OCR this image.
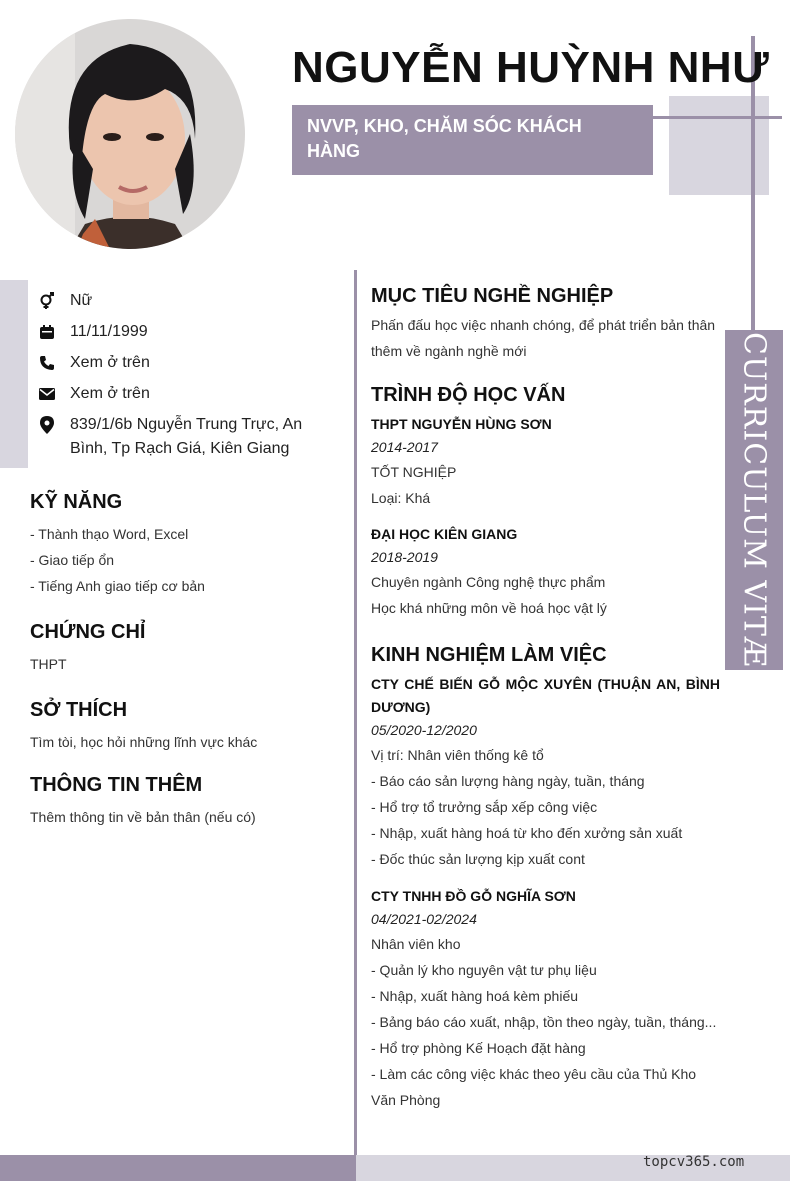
NGUYỄN HUỲNH NHƯ
NVVP, KHO, CHĂM SÓC KHÁCH HÀNG
CURRICULUM VITÆ
Nữ
11/11/1999
Xem ở trên
Xem ở trên
839/1/6b Nguyễn Trung Trực, An Bình, Tp Rạch Giá, Kiên Giang
KỸ NĂNG
- Thành thạo Word, Excel
- Giao tiếp ổn
- Tiếng Anh giao tiếp cơ bản
CHỨNG CHỈ
THPT
SỞ THÍCH
Tìm tòi, học hỏi những lĩnh vực khác
THÔNG TIN THÊM
Thêm thông tin về bản thân (nếu có)
MỤC TIÊU NGHỀ NGHIỆP
Phấn đấu học việc nhanh chóng, để phát triển bản thân thêm về ngành nghề mới
TRÌNH ĐỘ HỌC VẤN
THPT NGUYỄN HÙNG SƠN
2014-2017
TỐT NGHIỆP
Loại: Khá
ĐẠI HỌC KIÊN GIANG
2018-2019
Chuyên ngành Công nghệ thực phẩm
Học khá những môn về hoá học vật lý
KINH NGHIỆM LÀM VIỆC
CTY CHẾ BIẾN GỖ MỘC XUYÊN (THUẬN AN, BÌNH
DƯƠNG)
05/2020-12/2020
Vị trí: Nhân viên thống kê tổ
- Báo cáo sản lượng hàng ngày, tuần, tháng
- Hổ trợ tổ trưởng sắp xếp công việc
- Nhập, xuất hàng hoá từ kho đến xưởng sản xuất
- Đốc thúc sản lượng kịp xuất cont
CTY TNHH ĐỒ GỖ NGHĨA SƠN
04/2021-02/2024
Nhân viên kho
- Quản lý kho nguyên vật tư phụ liệu
- Nhập, xuất hàng hoá kèm phiếu
- Bảng báo cáo xuất, nhập, tồn theo ngày, tuần, tháng...
- Hổ trợ phòng Kế Hoạch đặt hàng
- Làm các công việc khác theo yêu cầu của Thủ Kho Văn Phòng
topcv365.com
